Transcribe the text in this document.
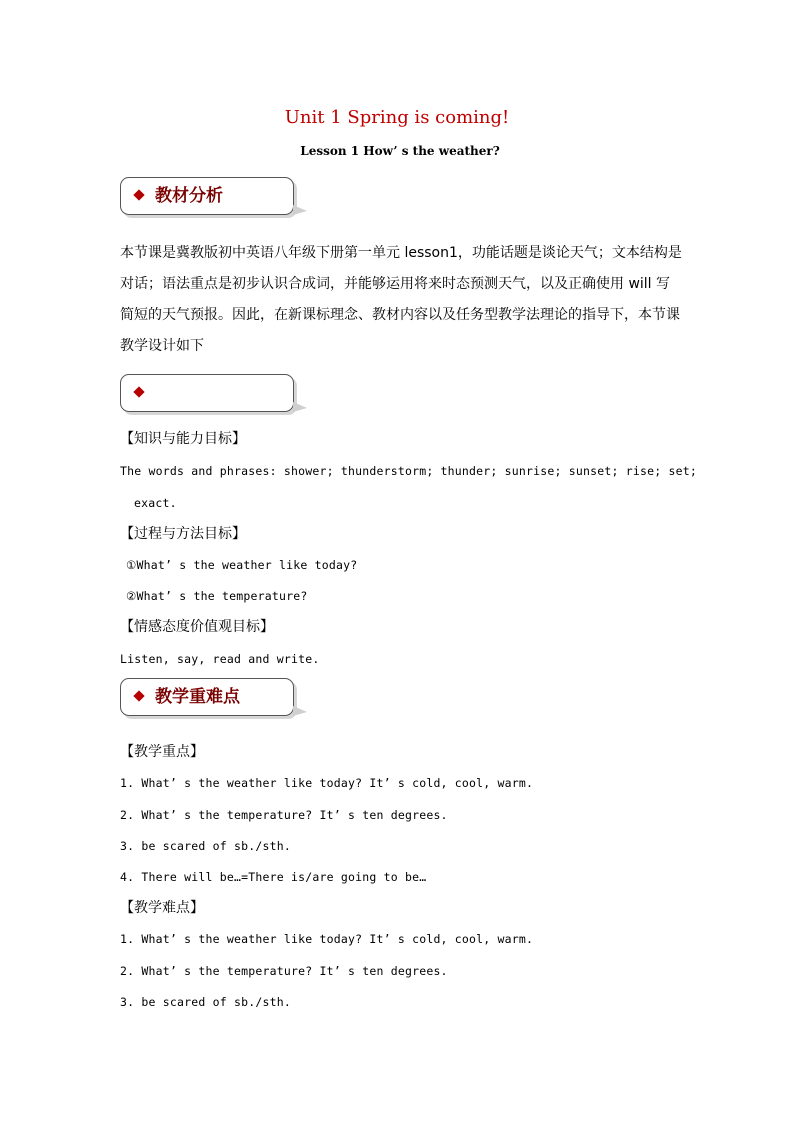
Unit 1 Spring is coming!
Lesson 1 How’ s the weather?
教材分析
本节课是冀教版初中英语八年级下册第一单元 lesson1，功能话题是谈论天气；文本结构是
对话；语法重点是初步认识合成词，并能够运用将来时态预测天气，以及正确使用 will 写
简短的天气预报。因此，在新课标理念、教材内容以及任务型教学法理论的指导下，本节课
教学设计如下
【知识与能力目标】
The words and phrases: shower; thunderstorm; thunder; sunrise; sunset; rise; set;
exact.
【过程与方法目标】
①What’ s the weather like today?
②What’ s the temperature?
【情感态度价值观目标】
Listen, say, read and write.
教学重难点
【教学重点】
1. What’ s the weather like today? It’ s cold, cool, warm.
2. What’ s the temperature? It’ s ten degrees.
3. be scared of sb./sth.
4. There will be…=There is/are going to be…
【教学难点】
1. What’ s the weather like today? It’ s cold, cool, warm.
2. What’ s the temperature? It’ s ten degrees.
3. be scared of sb./sth.
